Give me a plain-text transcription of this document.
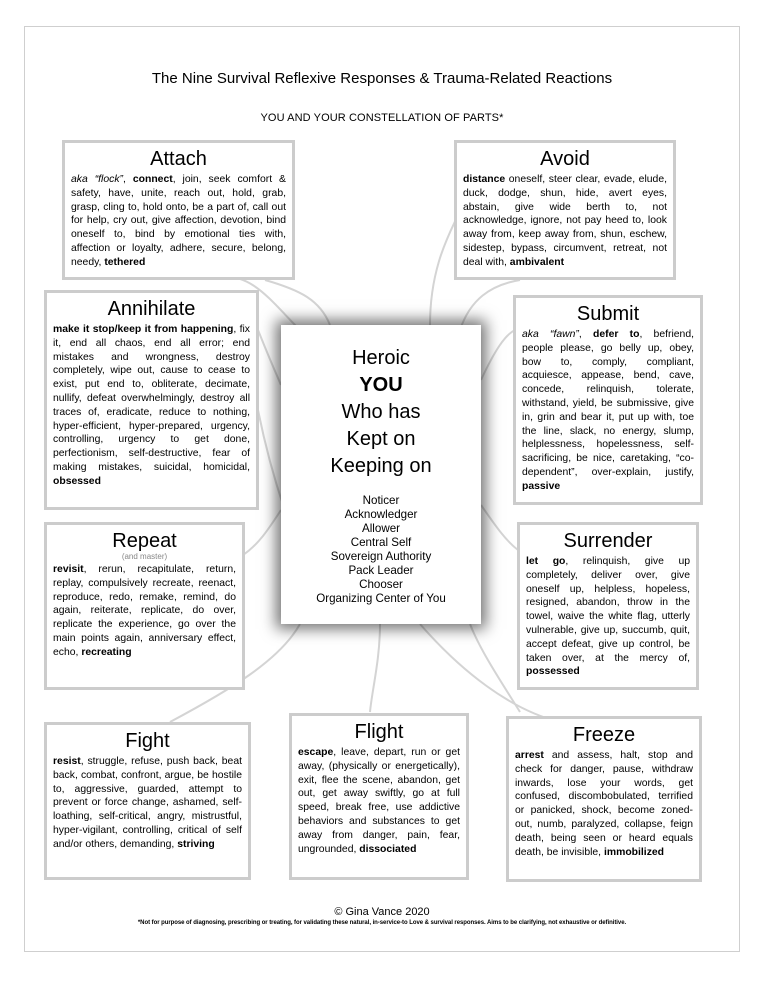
The Nine Survival Reflexive Responses & Trauma-Related Reactions
YOU AND YOUR CONSTELLATION OF PARTS*
Attach

aka “flock”, connect, join, seek comfort & safety, have, unite, reach out, hold, grab, grasp, cling to, hold onto, be a part of, call out for help, cry out, give affection, devotion, bind oneself to, bind by emotional ties with, affection or loyalty, adhere, secure, belong, needy, tethered

Avoid

distance oneself, steer clear, evade, elude, duck, dodge, shun, hide, avert eyes, abstain, give wide berth to, not acknowledge, ignore, not pay heed to, look away from, keep away from, shun, eschew, sidestep, bypass, circumvent, retreat, not deal with, ambivalent

Annihilate

make it stop/keep it from happening, fix it, end all chaos, end all error; end mistakes and wrongness, destroy completely, wipe out, cause to cease to exist, put end to, obliterate, decimate, nullify, defeat overwhelmingly, destroy all traces of, eradicate, reduce to nothing, hyper-efficient, hyper-prepared, urgency, controlling, urgency to get done, perfectionism, self-destructive, fear of making mistakes, suicidal, homicidal, obsessed

Submit

aka “fawn”, defer to, befriend, people please, go belly up, obey, bow to, comply, compliant, acquiesce, appease, bend, cave, concede, relinquish, tolerate, withstand, yield, be submissive, give in, grin and bear it, put up with, toe the line, slack, no energy, slump, helplessness, hopelessness, self-sacrificing, be nice, caretaking, “co-dependent”, over-explain, justify, passive

Repeat
(and master)

revisit, rerun, recapitulate, return, replay, compulsively recreate, reenact, reproduce, redo, remake, remind, do again, reiterate, replicate, do over, replicate the experience, go over the main points again, anniversary effect, echo, recreating

Surrender

let go, relinquish, give up completely, deliver over, give oneself up, helpless, hopeless, resigned, abandon, throw in the towel, waive the white flag, utterly vulnerable, give up, succumb, quit, accept defeat, give up control, be taken over, at the mercy of, possessed

Fight

resist, struggle, refuse, push back, beat back, combat, confront, argue, be hostile to, aggressive, guarded, attempt to prevent or force change, ashamed, self-loathing, self-critical, angry, mistrustful, hyper-vigilant, controlling, critical of self and/or others, demanding, striving

Flight

escape, leave, depart, run or get away, (physically or energetically), exit, flee the scene, abandon, get out, get away swiftly, go at full speed, break free, use addictive behaviors and substances to get away from danger, pain, fear, ungrounded, dissociated

Freeze

arrest and assess, halt, stop and check for danger, pause, withdraw inwards, lose your words, get confused, discombobulated, terrified or panicked, shock, become zoned-out, numb, paralyzed, collapse, feign death, being seen or heard equals death, be invisible, immobilized

Heroic
YOU
Who has
Kept on
Keeping on
Noticer
Acknowledger
Allower
Central Self
Sovereign Authority
Pack Leader
Chooser
Organizing Center of You
© Gina Vance 2020
*Not for purpose of diagnosing, prescribing or treating, for validating these natural, in-service-to Love & survival responses. Aims to be clarifying, not exhaustive or definitive.
